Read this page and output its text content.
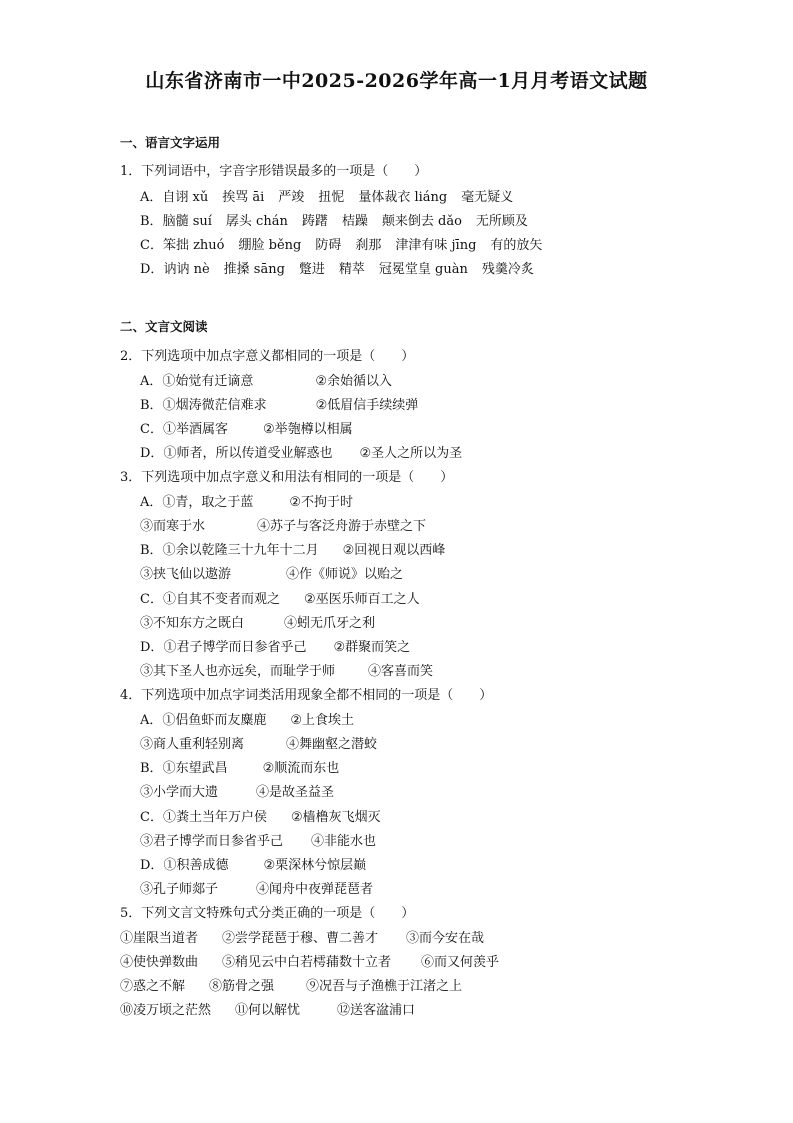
山东省济南市一中2025-2026学年高一1月月考语文试题
一、语言文字运用
1．下列词语中，字音字形错误最多的一项是（　　）
A．自诩 xǔ 挨骂 āi 严竣 扭怩 量体裁衣 liáng 毫无疑义
B．脑髓 suí 孱头 chán 踌躇 桔躁 颠来倒去 dǎo 无所顾及
C．笨拙 zhuó 绷脸 běng 防碍 刹那 津津有味 jīng 有的放矢
D．讷讷 nè 推搡 sāng 蹩进 精萃 冠冕堂皇 guàn 残羹冷炙
二、文言文阅读
2．下列选项中加点字意义都相同的一项是（　　）
A．①始觉有迁谪意	②余始循以入
B．①烟涛微茫信难求	②低眉信手续续弹
C．①举酒属客	②举匏樽以相属
D．①师者，所以传道受业解惑也 ②圣人之所以为圣
3．下列选项中加点字意义和用法有相同的一项是（　　）
A．①青，取之于蓝	②不拘于时
③而寒于水	④苏子与客泛舟游于赤壁之下
B．①余以乾隆三十九年十二月 ②回视日观以西峰
③挟飞仙以遨游	④作《师说》以贻之
C．①自其不变者而观之 ②巫医乐师百工之人
③不知东方之既白	④蚓无爪牙之利
D．①君子博学而日参省乎己 ②群聚而笑之
③其下圣人也亦远矣，而耻学于师	④客喜而笑
4．下列选项中加点字词类活用现象全都不相同的一项是（　　）
A．①侣鱼虾而友麋鹿 ②上食埃土
③商人重利轻别离	④舞幽壑之潜蛟
B．①东望武昌	②顺流而东也
③小学而大遗	④是故圣益圣
C．①粪土当年万户侯 ②樯橹灰飞烟灭
③君子博学而日参省乎己 ④非能水也
D．①积善成德	②栗深林兮惊层巅
③孔子师郯子	④闻舟中夜弹琵琶者
5．下列文言文特殊句式分类正确的一项是（　　）
①崖限当道者 ②尝学琵琶于穆、曹二善才 ③而今安在哉
④使快弹数曲 ⑤稍见云中白若樗蒱数十立者 ⑥而又何羡乎
⑦惑之不解 ⑧筋骨之强 ⑨况吾与子渔樵于江渚之上
⑩凌万顷之茫然 ⑪何以解忧	⑫送客湓浦口
